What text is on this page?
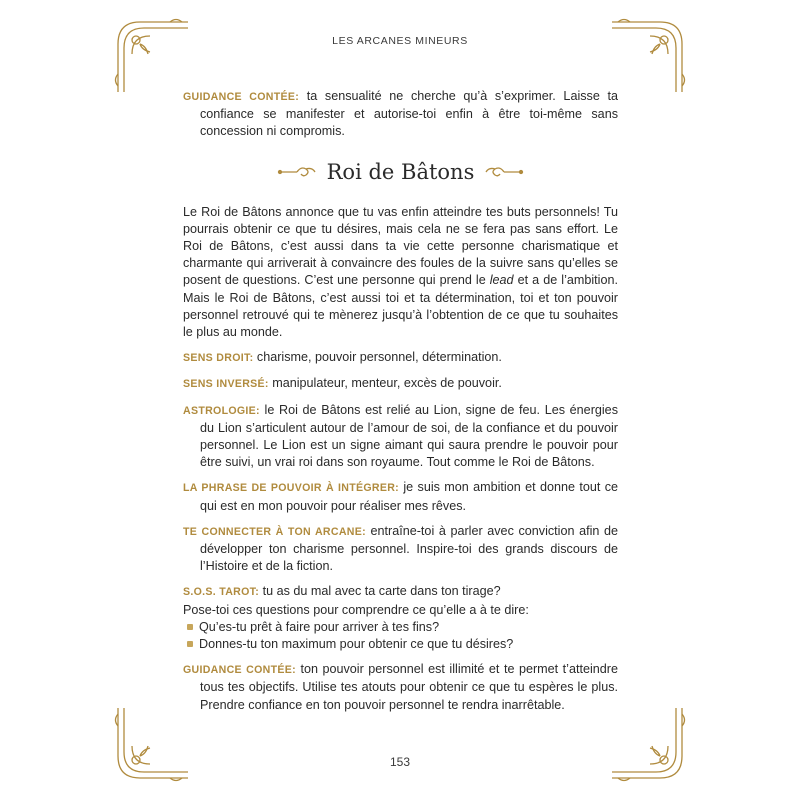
LES ARCANES MINEURS

GUIDANCE CONTÉE: ta sensualité ne cherche qu’à s’exprimer. Laisse ta confiance se manifester et autorise-toi enfin à être toi-même sans concession ni compromis.

Roi de Bâtons

Le Roi de Bâtons annonce que tu vas enfin atteindre tes buts personnels! Tu pourrais obtenir ce que tu désires, mais cela ne se fera pas sans effort. Le Roi de Bâtons, c’est aussi dans ta vie cette personne charismatique et charmante qui arriverait à convaincre des foules de la suivre sans qu’elles se posent de questions. C’est une personne qui prend le lead et a de l’ambition. Mais le Roi de Bâtons, c’est aussi toi et ta détermination, toi et ton pouvoir personnel retrouvé qui te mènerez jusqu’à l’obtention de ce que tu souhaites le plus au monde.

SENS DROIT: charisme, pouvoir personnel, détermination.

SENS INVERSÉ: manipulateur, menteur, excès de pouvoir.

ASTROLOGIE: le Roi de Bâtons est relié au Lion, signe de feu. Les énergies du Lion s’articulent autour de l’amour de soi, de la confiance et du pouvoir personnel. Le Lion est un signe aimant qui saura prendre le pouvoir pour être suivi, un vrai roi dans son royaume. Tout comme le Roi de Bâtons.

LA PHRASE DE POUVOIR À INTÉGRER: je suis mon ambition et donne tout ce qui est en mon pouvoir pour réaliser mes rêves.

TE CONNECTER À TON ARCANE: entraîne-toi à parler avec conviction afin de développer ton charisme personnel. Inspire-toi des grands discours de l’Histoire et de la fiction.

S.O.S. TAROT: tu as du mal avec ta carte dans ton tirage?

Pose-toi ces questions pour comprendre ce qu’elle a à te dire:

Qu’es-tu prêt à faire pour arriver à tes fins?
Donnes-tu ton maximum pour obtenir ce que tu désires?

GUIDANCE CONTÉE: ton pouvoir personnel est illimité et te permet t’atteindre tous tes objectifs. Utilise tes atouts pour obtenir ce que tu espères le plus. Prendre confiance en ton pouvoir personnel te rendra inarrêtable.

153
